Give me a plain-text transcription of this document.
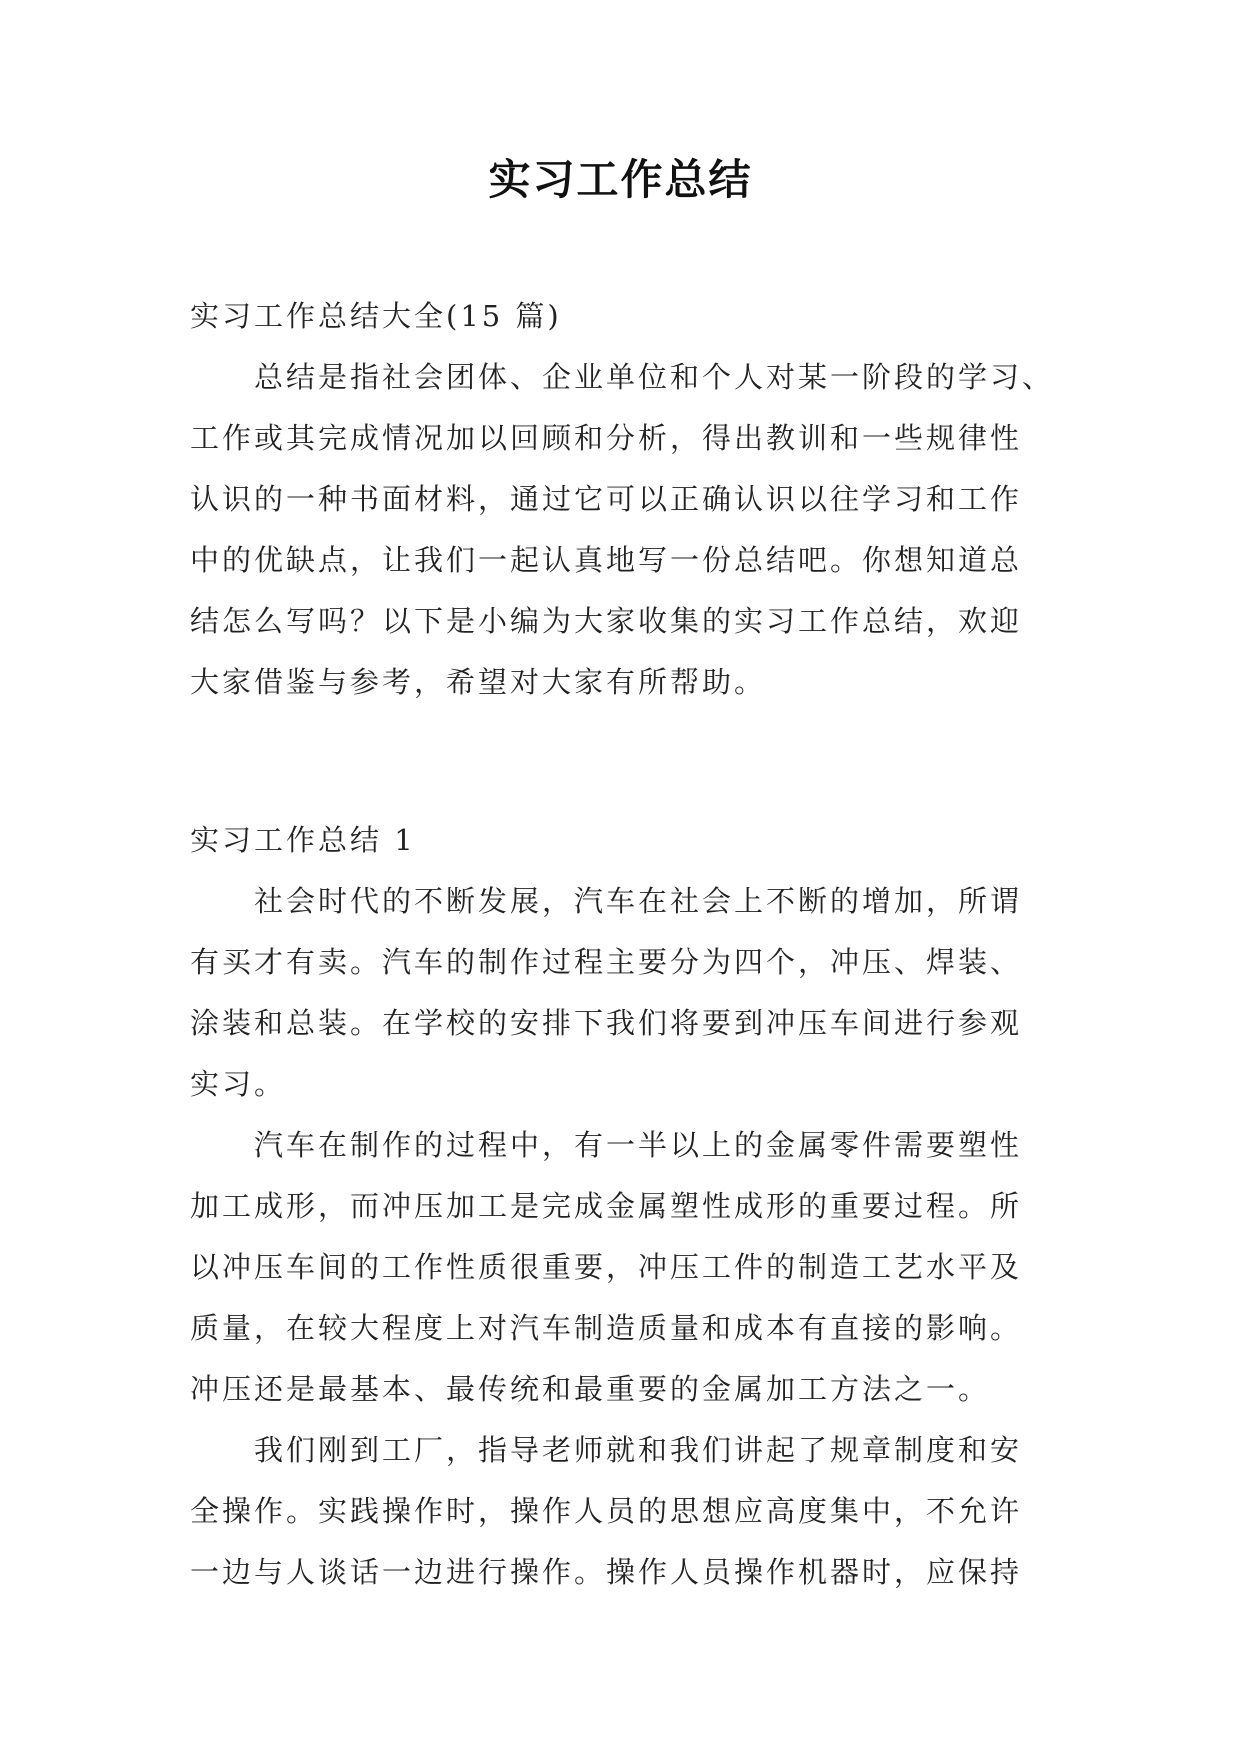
实习工作总结
实习工作总结大全(15 篇)
总结是指社会团体、企业单位和个人对某一阶段的学习、
工作或其完成情况加以回顾和分析，得出教训和一些规律性
认识的一种书面材料，通过它可以正确认识以往学习和工作
中的优缺点，让我们一起认真地写一份总结吧。你想知道总
结怎么写吗？以下是小编为大家收集的实习工作总结，欢迎
大家借鉴与参考，希望对大家有所帮助。
实习工作总结 1
社会时代的不断发展，汽车在社会上不断的增加，所谓
有买才有卖。汽车的制作过程主要分为四个，冲压、焊装、
涂装和总装。在学校的安排下我们将要到冲压车间进行参观
实习。
汽车在制作的过程中，有一半以上的金属零件需要塑性
加工成形，而冲压加工是完成金属塑性成形的重要过程。所
以冲压车间的工作性质很重要，冲压工件的制造工艺水平及
质量，在较大程度上对汽车制造质量和成本有直接的影响。
冲压还是最基本、最传统和最重要的金属加工方法之一。
我们刚到工厂，指导老师就和我们讲起了规章制度和安
全操作。实践操作时，操作人员的思想应高度集中，不允许
一边与人谈话一边进行操作。操作人员操作机器时，应保持
